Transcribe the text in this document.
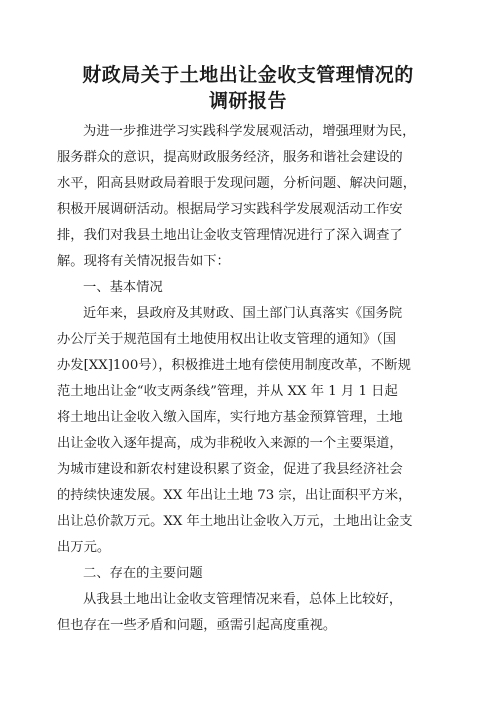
财政局关于土地出让金收支管理情况的
调研报告

为进一步推进学习实践科学发展观活动，增强理财为民，

服务群众的意识，提高财政服务经济，服务和谐社会建设的

水平，阳高县财政局着眼于发现问题，分析问题、解决问题，

积极开展调研活动。根据局学习实践科学发展观活动工作安

排，我们对我县土地出让金收支管理情况进行了深入调查了

解。现将有关情况报告如下：

一、基本情况

近年来，县政府及其财政、国土部门认真落实《国务院

办公厅关于规范国有土地使用权出让收支管理的通知》（国

办发[XX]100号），积极推进土地有偿使用制度改革，不断规

范土地出让金“收支两条线”管理，并从 XX 年 1 月 1 日起

将土地出让金收入缴入国库，实行地方基金预算管理，土地

出让金收入逐年提高，成为非税收入来源的一个主要渠道，

为城市建设和新农村建设积累了资金，促进了我县经济社会

的持续快速发展。XX 年出让土地 73 宗，出让面积平方米，

出让总价款万元。XX 年土地出让金收入万元，土地出让金支

出万元。

二、存在的主要问题

从我县土地出让金收支管理情况来看，总体上比较好，

但也存在一些矛盾和问题，亟需引起高度重视。
